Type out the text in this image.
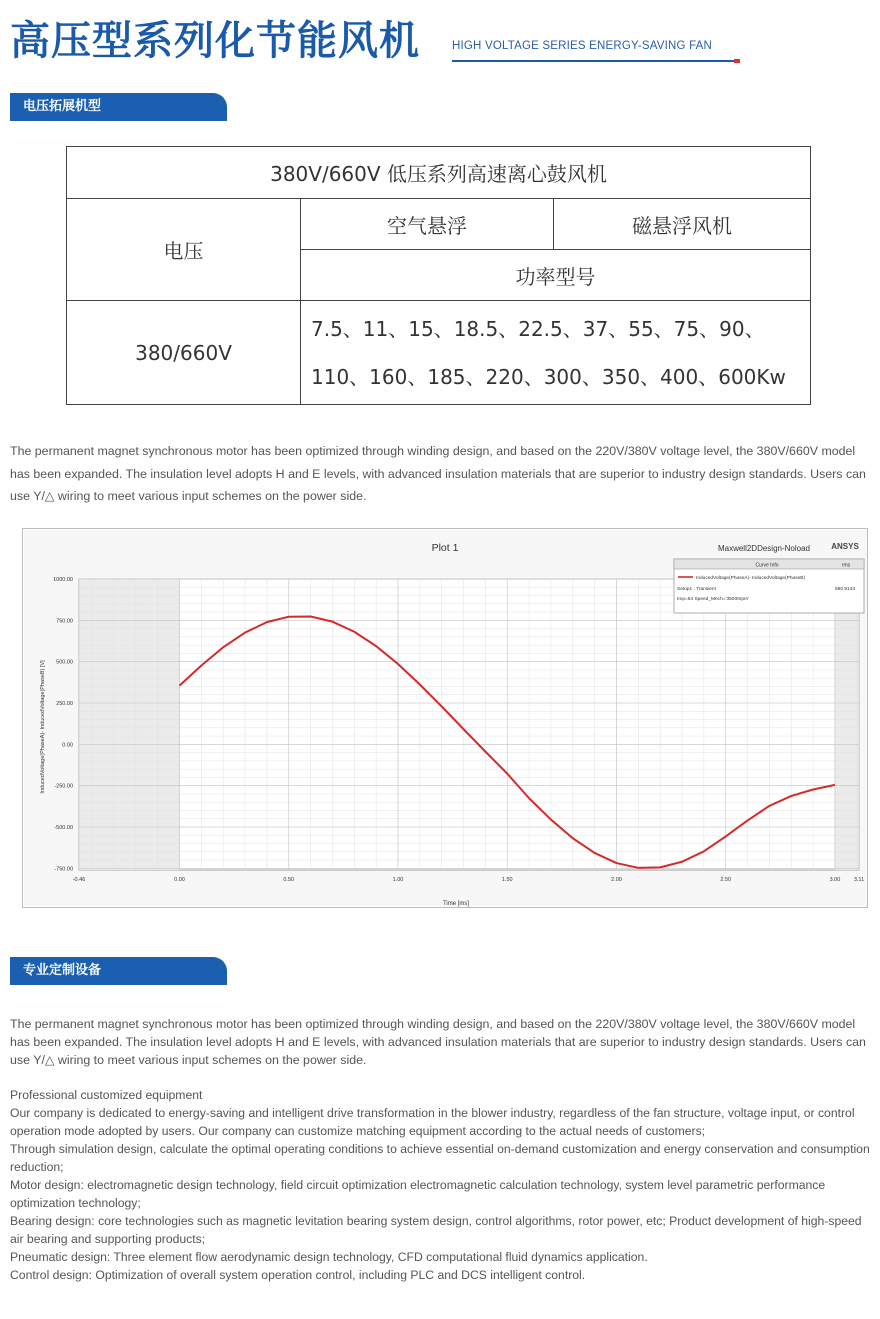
高压型系列化节能风机	HIGH VOLTAGE SERIES ENERGY-SAVING FAN
电压拓展机型
380V/660V 低压系列高速离心鼓风机		
电压	空气悬浮	磁悬浮风机
	功率型号	
380/660V	7.5、11、15、18.5、22.5、37、55、75、90、
110、160、185、220、300、350、400、600Kw	
The permanent magnet synchronous motor has been optimized through winding design, and based on the 220V/380V voltage level, the 380V/660V model has been expanded. The insulation level adopts H and E levels, with advanced insulation materials that are superior to industry design standards. Users can use Y/△ wiring to meet various input schemes on the power side.
-0.46	0.00	0.50	1.00	1.50	2.00	2.50	3.00 3.11
1000.00
750.00
500.00
250.00
0.00
-250.00
-500.00
-750.00
Plot 1	Maxwell2DDesign-Noload	ANSYS
Time [ms]
InducedVoltage(PhaseA)- InducedVoltage(PhaseB) [V]
Curve Info	rms
InducedVoltage(PhaseA)- InducedVoltage(PhaseB)
Setup1 : Transient	580.9133
Imp=54 Speed_Mech='35000rpm'
专业定制设备
The permanent magnet synchronous motor has been optimized through winding design, and based on the 220V/380V voltage level, the 380V/660V model has been expanded. The insulation level adopts H and E levels, with advanced insulation materials that are superior to industry design standards. Users can use Y/△ wiring to meet various input schemes on the power side.
Professional customized equipment
Our company is dedicated to energy-saving and intelligent drive transformation in the blower industry, regardless of the fan structure, voltage input, or control operation mode adopted by users. Our company can customize matching equipment according to the actual needs of customers;
Through simulation design, calculate the optimal operating conditions to achieve essential on-demand customization and energy conservation and consumption reduction;
Motor design: electromagnetic design technology, field circuit optimization electromagnetic calculation technology, system level parametric performance optimization technology;
Bearing design: core technologies such as magnetic levitation bearing system design, control algorithms, rotor power, etc; Product development of high-speed air bearing and supporting products;
Pneumatic design: Three element flow aerodynamic design technology, CFD computational fluid dynamics application.
Control design: Optimization of overall system operation control, including PLC and DCS intelligent control.
